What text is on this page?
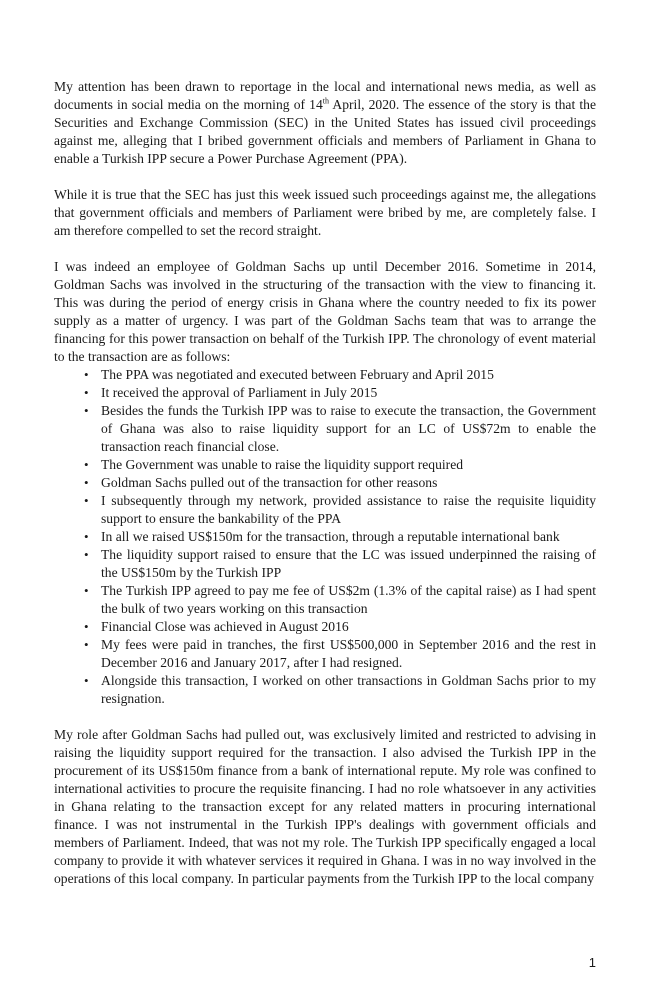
My attention has been drawn to reportage in the local and international news media, as well as documents in social media on the morning of 14th April, 2020. The essence of the story is that the Securities and Exchange Commission (SEC) in the United States has issued civil proceedings against me, alleging that I bribed government officials and members of Parliament in Ghana to enable a Turkish IPP secure a Power Purchase Agreement (PPA).

While it is true that the SEC has just this week issued such proceedings against me, the allegations that government officials and members of Parliament were bribed by me, are completely false. I am therefore compelled to set the record straight.

I was indeed an employee of Goldman Sachs up until December 2016. Sometime in 2014, Goldman Sachs was involved in the structuring of the transaction with the view to financing it. This was during the period of energy crisis in Ghana where the country needed to fix its power supply as a matter of urgency. I was part of the Goldman Sachs team that was to arrange the financing for this power transaction on behalf of the Turkish IPP. The chronology of event material to the transaction are as follows:

• The PPA was negotiated and executed between February and April 2015
• It received the approval of Parliament in July 2015
• Besides the funds the Turkish IPP was to raise to execute the transaction, the Government of Ghana was also to raise liquidity support for an LC of US$72m to enable the transaction reach financial close.
• The Government was unable to raise the liquidity support required
• Goldman Sachs pulled out of the transaction for other reasons
• I subsequently through my network, provided assistance to raise the requisite liquidity support to ensure the bankability of the PPA
• In all we raised US$150m for the transaction, through a reputable international bank
• The liquidity support raised to ensure that the LC was issued underpinned the raising of the US$150m by the Turkish IPP
• The Turkish IPP agreed to pay me fee of US$2m (1.3% of the capital raise) as I had spent the bulk of two years working on this transaction
• Financial Close was achieved in August 2016
• My fees were paid in tranches, the first US$500,000 in September 2016 and the rest in December 2016 and January 2017, after I had resigned.
• Alongside this transaction, I worked on other transactions in Goldman Sachs prior to my resignation.

My role after Goldman Sachs had pulled out, was exclusively limited and restricted to advising in raising the liquidity support required for the transaction. I also advised the Turkish IPP in the procurement of its US$150m finance from a bank of international repute. My role was confined to international activities to procure the requisite financing. I had no role whatsoever in any activities in Ghana relating to the transaction except for any related matters in procuring international finance. I was not instrumental in the Turkish IPP's dealings with government officials and members of Parliament. Indeed, that was not my role. The Turkish IPP specifically engaged a local company to provide it with whatever services it required in Ghana. I was in no way involved in the operations of this local company. In particular payments from the Turkish IPP to the local company

1
